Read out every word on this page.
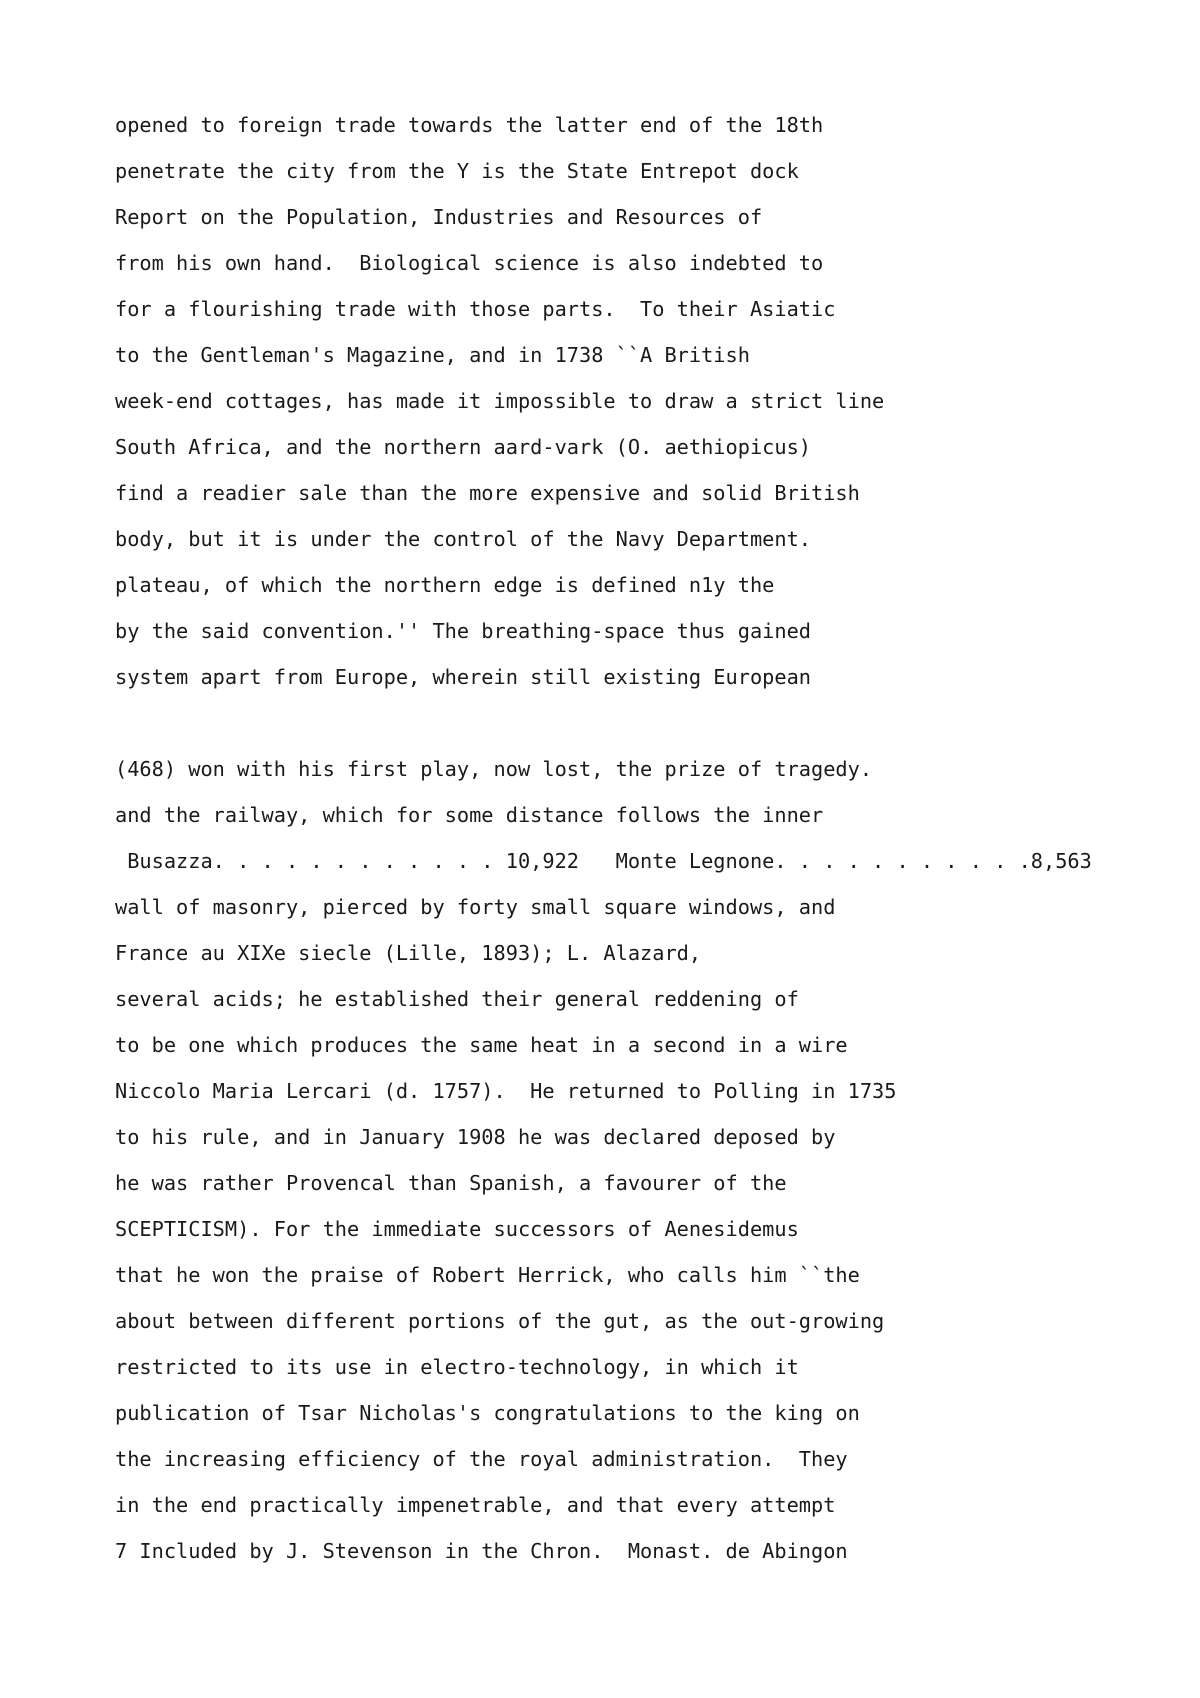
opened to foreign trade towards the latter end of the 18th
penetrate the city from the Y is the State Entrepot dock
Report on the Population, Industries and Resources of
from his own hand.  Biological science is also indebted to
for a flourishing trade with those parts.  To their Asiatic
to the Gentleman's Magazine, and in 1738 ``A British
week-end cottages, has made it impossible to draw a strict line
South Africa, and the northern aard-vark (O. aethiopicus)
find a readier sale than the more expensive and solid British
body, but it is under the control of the Navy Department.
plateau, of which the northern edge is defined n1y the
by the said convention.'' The breathing-space thus gained
system apart from Europe, wherein still existing European
(468) won with his first play, now lost, the prize of tragedy.
and the railway, which for some distance follows the inner
Busazza. . . . . . . . . . . . 10,922   Monte Legnone. . . . . . . . . . .8,563
wall of masonry, pierced by forty small square windows, and
France au XIXe siecle (Lille, 1893); L. Alazard,
several acids; he established their general reddening of
to be one which produces the same heat in a second in a wire
Niccolo Maria Lercari (d. 1757).  He returned to Polling in 1735
to his rule, and in January 1908 he was declared deposed by
he was rather Provencal than Spanish, a favourer of the
SCEPTICISM). For the immediate successors of Aenesidemus
that he won the praise of Robert Herrick, who calls him ``the
about between different portions of the gut, as the out-growing
restricted to its use in electro-technology, in which it
publication of Tsar Nicholas's congratulations to the king on
the increasing efficiency of the royal administration.  They
in the end practically impenetrable, and that every attempt
7 Included by J. Stevenson in the Chron.  Monast. de Abingon
